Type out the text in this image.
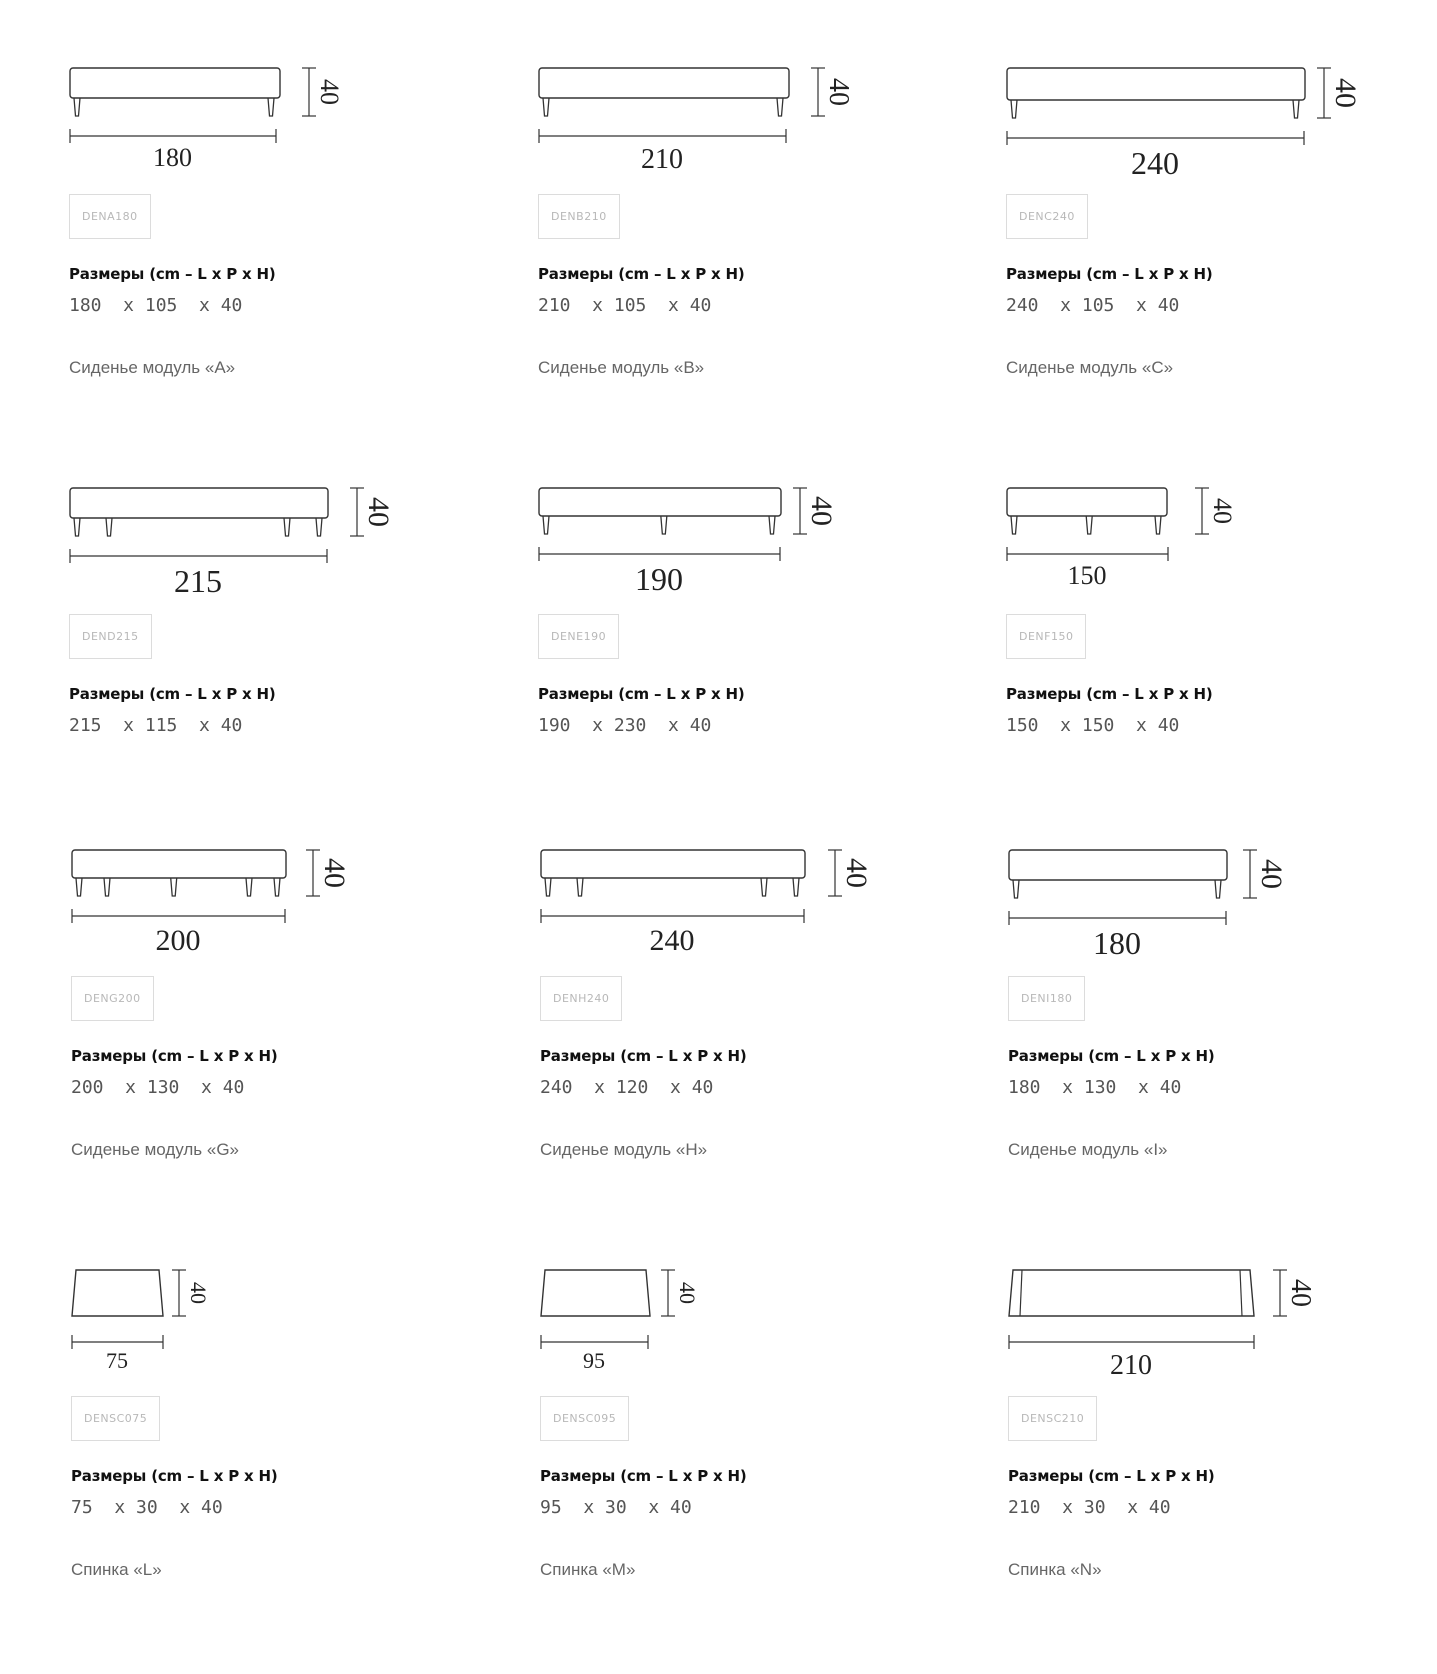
180
40
DENA180
Размеры (cm – L x P x H)
180  x 105  x 40
Сиденье модуль «A»
210
40
DENB210
Размеры (cm – L x P x H)
210  x 105  x 40
Сиденье модуль «B»
240
40
DENC240
Размеры (cm – L x P x H)
240  x 105  x 40
Сиденье модуль «C»
215
40
DEND215
Размеры (cm – L x P x H)
215  x 115  x 40
190
40
DENE190
Размеры (cm – L x P x H)
190  x 230  x 40
150
40
DENF150
Размеры (cm – L x P x H)
150  x 150  x 40
200
40
DENG200
Размеры (cm – L x P x H)
200  x 130  x 40
Сиденье модуль «G»
240
40
DENH240
Размеры (cm – L x P x H)
240  x 120  x 40
Сиденье модуль «H»
180
40
DENI180
Размеры (cm – L x P x H)
180  x 130  x 40
Сиденье модуль «I»
75
40
DENSC075
Размеры (cm – L x P x H)
75  x 30  x 40
Спинка «L»
95
40
DENSC095
Размеры (cm – L x P x H)
95  x 30  x 40
Спинка «M»
210
40
DENSC210
Размеры (cm – L x P x H)
210  x 30  x 40
Спинка «N»
